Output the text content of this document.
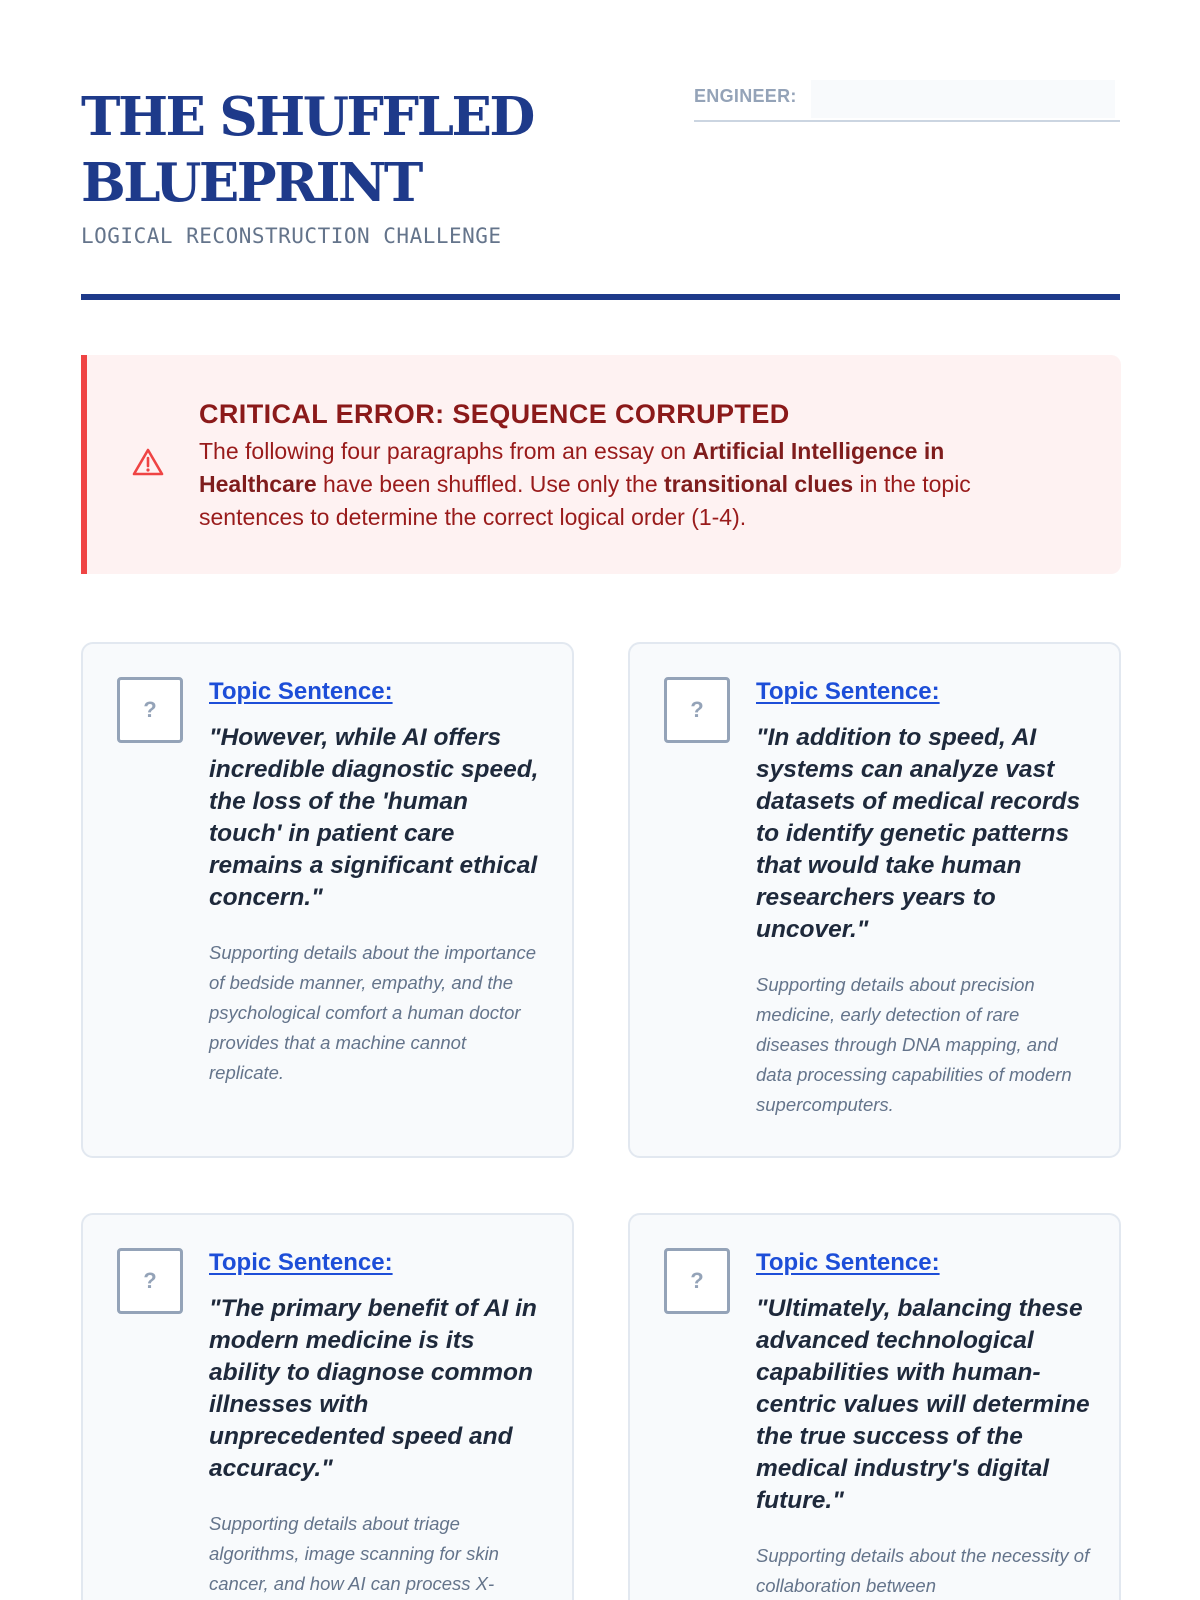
THE SHUFFLED
BLUEPRINT
LOGICAL RECONSTRUCTION CHALLENGE
ENGINEER:
CRITICAL ERROR: SEQUENCE CORRUPTED

The following four paragraphs from an essay on Artificial Intelligence in Healthcare have been shuffled. Use only the transitional clues in the topic sentences to determine the correct logical order (1-4).

?
Topic Sentence:

"However, while AI offers incredible diagnostic speed, the loss of the 'human touch' in patient care remains a significant ethical concern."

Supporting details about the importance of bedside manner, empathy, and the psychological comfort a human doctor provides that a machine cannot replicate.

?
Topic Sentence:

"In addition to speed, AI systems can analyze vast datasets of medical records to identify genetic patterns that would take human researchers years to uncover."

Supporting details about precision medicine, early detection of rare diseases through DNA mapping, and data processing capabilities of modern supercomputers.

?
Topic Sentence:

"The primary benefit of AI in modern medicine is its ability to diagnose common illnesses with unprecedented speed and accuracy."

Supporting details about triage algorithms, image scanning for skin cancer, and how AI can process X-

?
Topic Sentence:

"Ultimately, balancing these advanced technological capabilities with human-centric values will determine the true success of the medical industry's digital future."

Supporting details about the necessity of collaboration between
